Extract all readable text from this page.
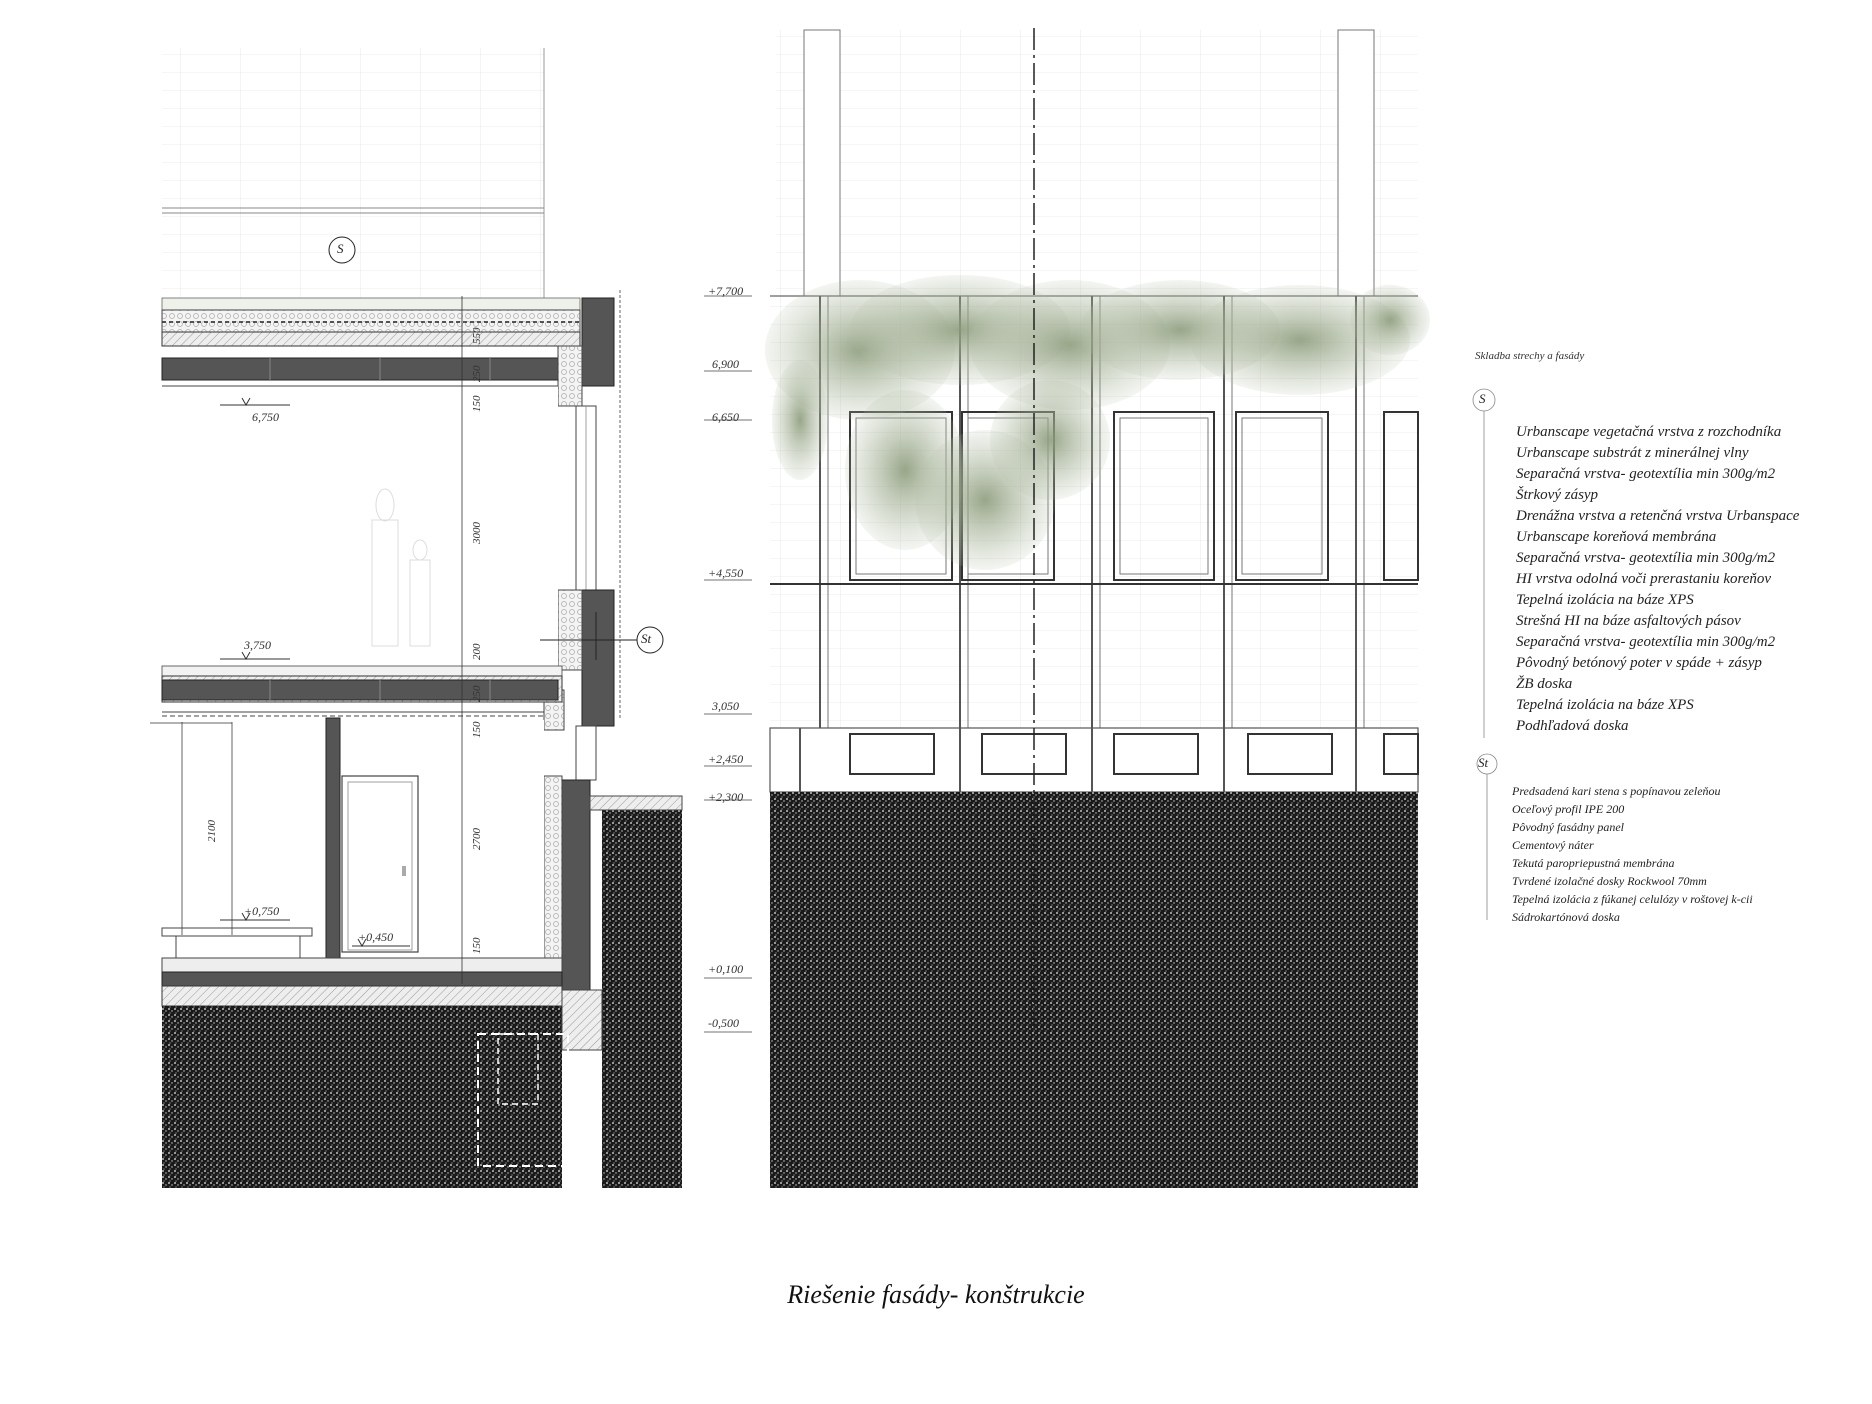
S
St
6,750
3,750
+0,750
+0,450
550
250
150
3000
200
250
150
2700
150
2100
+7,700
6,900
6,650
+4,550
3,050
+2,450
+2,300
+0,100
-0,500
Skladba strechy a fasády
S
St
Urbanscape vegetačná vrstva z rozchodníka
Urbanscape substrát z minerálnej vlny
Separačná vrstva- geotextília min 300g/m2
Štrkový zásyp
Drenážna vrstva a retenčná vrstva Urbanspace
Urbanscape koreňová membrána
Separačná vrstva- geotextília min 300g/m2
HI vrstva odolná voči prerastaniu koreňov
Tepelná izolácia na báze XPS
Strešná HI na báze asfaltových pásov
Separačná vrstva- geotextília min 300g/m2
Pôvodný betónový poter v spáde + zásyp
ŽB doska
Tepelná izolácia na báze XPS
Podhľadová doska
Predsadená kari stena s popínavou zeleňou
Oceľový profil IPE 200
Pôvodný fasádny panel
Cementový náter
Tekutá paropriepustná membrána
Tvrdené izolačné dosky Rockwool 70mm
Tepelná izolácia z fúkanej celulózy v roštovej k-cii
Sádrokartónová doska
Riešenie fasády- konštrukcie
